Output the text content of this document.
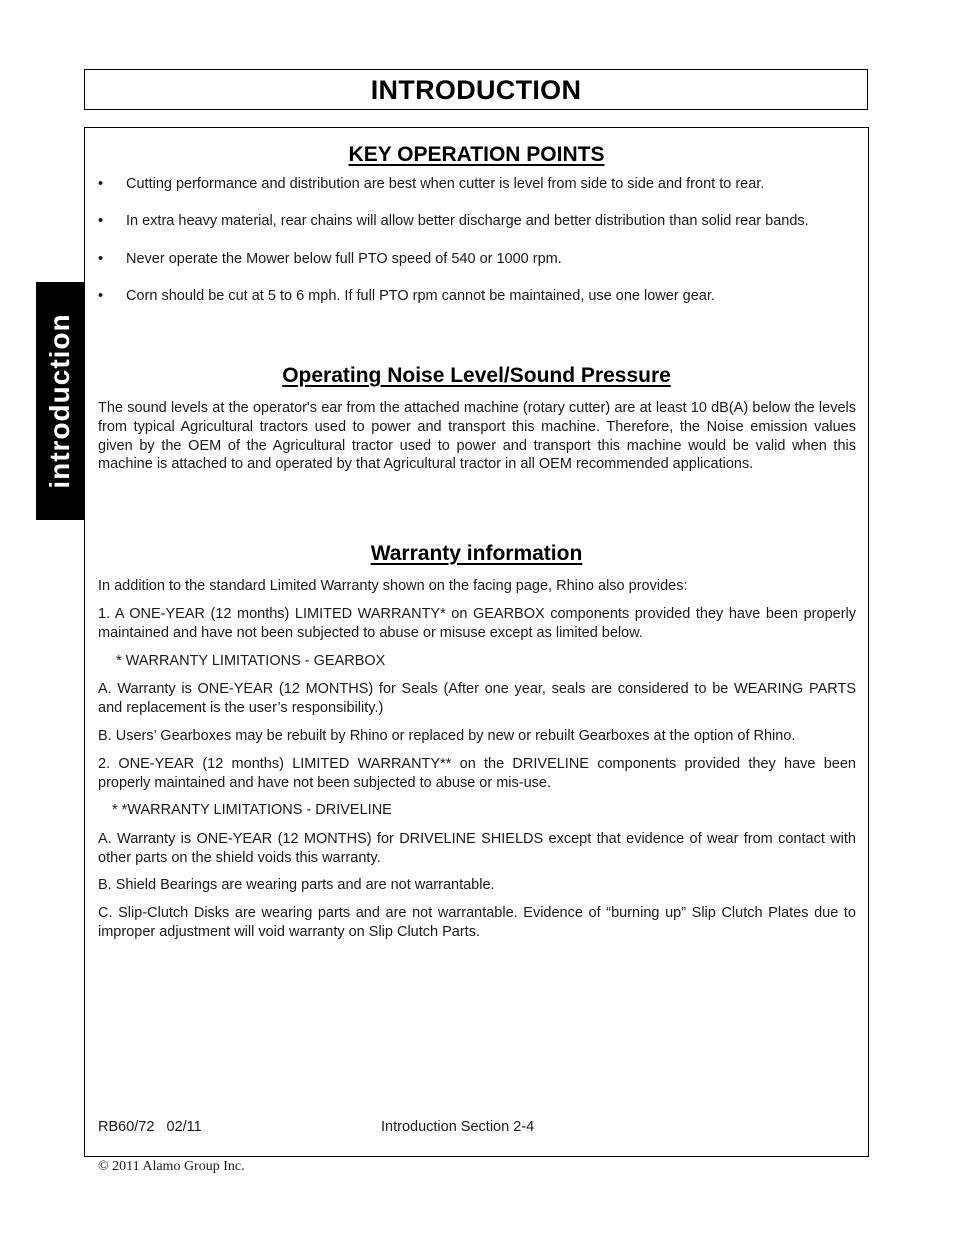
INTRODUCTION
introduction
KEY OPERATION POINTS
• Cutting performance and distribution are best when cutter is level from side to side and front to rear.
• In extra heavy material, rear chains will allow better discharge and better distribution than solid rear bands.
• Never operate the Mower below full PTO speed of 540 or 1000 rpm.
• Corn should be cut at 5 to 6 mph. If full PTO rpm cannot be maintained, use one lower gear.
Operating Noise Level/Sound Pressure

The sound levels at the operator's ear from the attached machine (rotary cutter) are at least 10 dB(A) below the levels from typical Agricultural tractors used to power and transport this machine. Therefore, the Noise emission values given by the OEM of the Agricultural tractor used to power and transport this machine would be valid when this machine is attached to and operated by that Agricultural tractor in all OEM recommended applications.

Warranty information

In addition to the standard Limited Warranty shown on the facing page, Rhino also provides:

1. A ONE-YEAR (12 months) LIMITED WARRANTY* on GEARBOX components provided they have been properly maintained and have not been subjected to abuse or misuse except as limited below.

* WARRANTY LIMITATIONS - GEARBOX

A. Warranty is ONE-YEAR (12 MONTHS) for Seals (After one year, seals are considered to be WEARING PARTS and replacement is the user’s responsibility.)

B. Users’ Gearboxes may be rebuilt by Rhino or replaced by new or rebuilt Gearboxes at the option of Rhino.

2. ONE-YEAR (12 months) LIMITED WARRANTY** on the DRIVELINE components provided they have been properly maintained and have not been subjected to abuse or mis-use.

* *WARRANTY LIMITATIONS - DRIVELINE

A. Warranty is ONE-YEAR (12 MONTHS) for DRIVELINE SHIELDS except that evidence of wear from contact with other parts on the shield voids this warranty.

B. Shield Bearings are wearing parts and are not warrantable.

C. Slip-Clutch Disks are wearing parts and are not warrantable. Evidence of “burning up” Slip Clutch Plates due to improper adjustment will void warranty on Slip Clutch Parts.

RB60/72   02/11	Introduction Section 2-4
© 2011 Alamo Group Inc.
